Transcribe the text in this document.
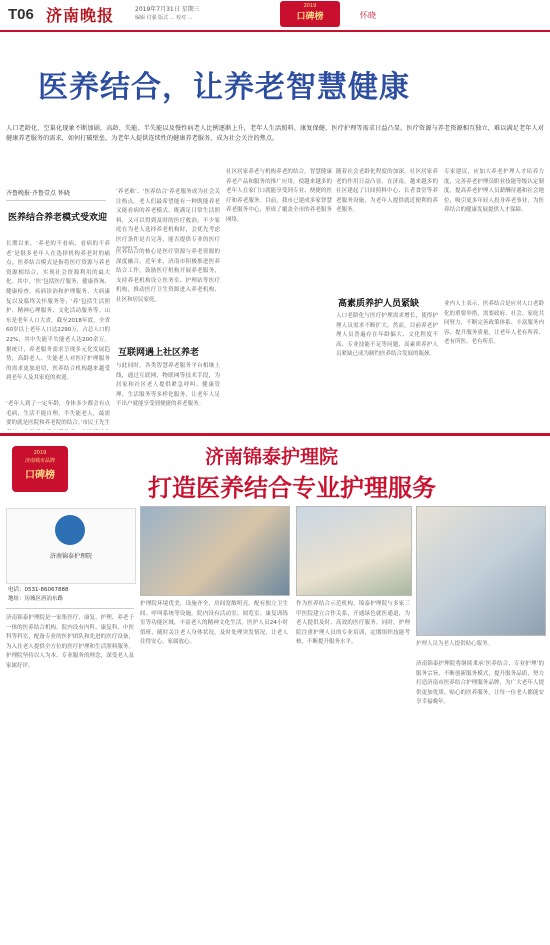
T06 济南晚报	2019年7月31日 星期三
编辑 付强 版式 ... 校对 ...
2019
口碑榜	怀晓
医养结合，让养老智慧健康
人口老龄化、空巢化现象不断加剧，高龄、失能、半失能以及慢性病老人比例逐渐上升，老年人生活照料、康复保健、医疗护理等需求日益凸显。医疗资源与养老资源相互独立，难以满足老年人对健康养老服务的需求，如何打破壁垒，为老年人提供连续性的健康养老服务，成为社会关注的焦点。
齐鲁晚报·齐鲁壹点 怀晓
医养结合养老模式受欢迎
长期以来，‘养老的不看病、看病的不养老’是很多老年人在选择机构养老时的痛点。医养结合模式是指将医疗资源与养老资源相结合，实现社会资源利用的最大化。其中，‘医’包括医疗服务、健康咨询、健康检查、疾病诊治和护理服务、大病康复以及临终关怀服务等；‘养’包括生活照护、精神心理服务、文化活动服务等。山东是老年人口大省，截至2018年底，全省60岁以上老年人口达2290万，占总人口的22%，其中失能半失能老人达200余万。据统计，养老服务需求呈现多元化发展趋势，高龄老人、失能老人对医疗护理服务的需求更加迫切，医养结合机构越来越受到老年人及其家庭的欢迎。
‘老年人到了一定年龄，身体多少都会有点毛病，生活不能自理、半失能老人，最需要的就是医院和养老院的结合。’市民王先生
‘养老难’、‘医养结合’养老服务成为社会关注热点。老人们最希望能有一种既能养老又能看病的养老模式，既满足日常生活照料，又可以得到及时的医疗救治。不少家庭在为老人选择养老机构时，会优先考虑医疗条件是否完善，能否提供专业的医疗
医养结合的核心是医疗资源与养老资源的深度融合。近年来，济南市积极推进医养结合工作，鼓励医疗机构开展养老服务，支持养老机构设立医务室、护理站等医疗机构，推动医疗卫生资源进入养老机构、社区和居民家庭。
互联网遇上社区养老
与此同时，各类智慧养老服务平台相继上线，通过互联网、物联网等技术手段，为居家和社区老人提供紧急呼叫、健康管理、生活服务等多样化服务，让老年人足不出户就能享受到便捷的养老服务。
社区居家养老与机构养老的结合，智慧健康养老产品和服务的推广应用，使越来越多的老年人在家门口就能享受到专业、便捷的医疗和养老服务。目前，我市已建成多家智慧养老服务中心，形成了覆盖全市的养老服务网络。
随着社会老龄化程度的加深，社区居家养老的作用日益凸显。在济南，越来越多的社区建起了日间照料中心、长者食堂等养老服务设施，为老年人提供就近便利的养老服务。
高素质养护人员紧缺
人口老龄化与医疗护理需求增长，使得护理人员需求不断扩大。然而，目前养老护理人员普遍存在年龄偏大、文化程度不高、专业技能不足等问题，高素质养护人员紧缺已成为制约医养结合发展的瓶颈。
专家建议，应加大养老护理人才培养力度，完善养老护理员职业技能等级认定制度，提高养老护理人员薪酬待遇和社会地位，吸引更多年轻人投身养老事业，为医养结合的健康发展提供人才保障。
业内人士表示，医养结合是应对人口老龄化的重要举措，需要政府、社会、家庭共同努力，不断完善政策体系、丰富服务内容、提升服务质量，让老年人老有所养、老有所医、老有所乐。
2019
济南城市品牌
口碑榜
济南锦泰护理院
打造医养结合专业护理服务
济南锦泰护理院
电话：0531-86067888
地址：历城区唐冶东路
济南锦泰护理院是一家集医疗、康复、护理、养老于一体的医养结合机构，院内设有内科、康复科、中医科等科室，配备专业的医护团队和先进的医疗设备，为入住老人提供全方位的医疗护理和生活照料服务。护理院坚持以人为本、专业服务的理念，深受老人及家属好评。
护理院环境优美，设施齐全，房间宽敞明亮，配有独立卫生间、呼叫系统等设施。院内设有活动室、阅览室、康复训练室等功能区域，丰富老人的精神文化生活。医护人员24小时值班，随时关注老人身体状况，及时处理突发情况，让老人住得安心、家属放心。
作为医养结合示范机构，锦泰护理院与多家三甲医院建立合作关系，开通绿色就医通道，为老人提供及时、高效的医疗服务。同时，护理院注重护理人员的专业培训，定期组织技能考核，不断提升服务水平。	护理人员为老人提供贴心服务。
济南锦泰护理院将继续秉承‘医养结合、专业护理’的服务宗旨，不断创新服务模式，提升服务品质，努力打造济南市医养结合护理服务品牌，为广大老年人提供更加优质、贴心的医养服务，让每一位老人都能安享幸福晚年。
